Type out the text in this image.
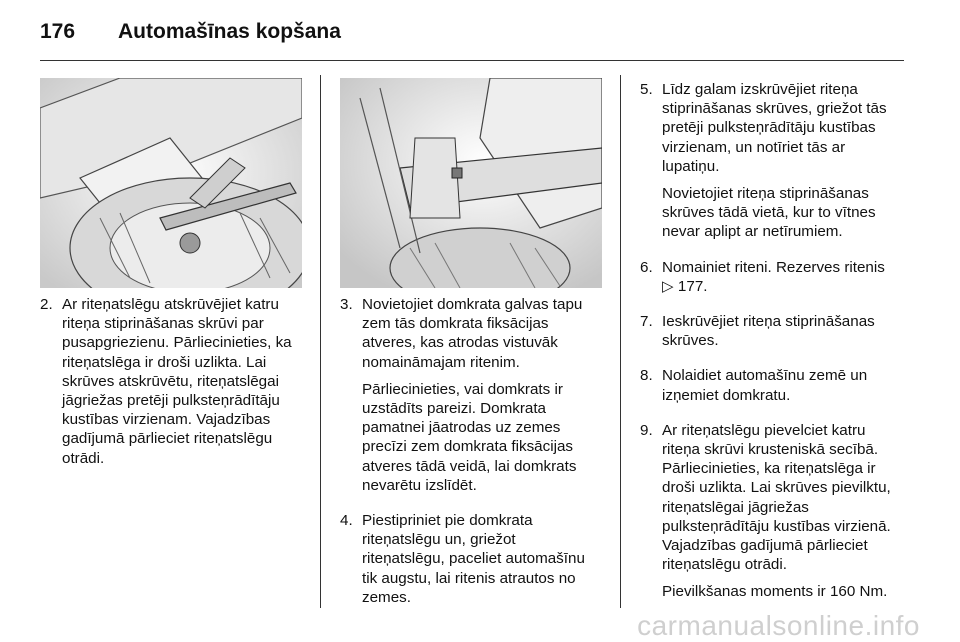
176	Automašīnas kopšana
2. Ar riteņatslēgu atskrūvējiet katru riteņa stiprināšanas skrūvi par pusapgriezienu. Pārliecinieties, ka riteņatslēga ir droši uzlikta. Lai skrūves atskrūvētu, riteņatslēgai jāgriežas pretēji pulksteņrādītāju kustības virzienam. Vajadzības gadījumā pārlieciet riteņatslēgu otrādi.

3. Novietojiet domkrata galvas tapu zem tās domkrata fiksācijas atveres, kas atrodas vistuvāk nomaināmajam ritenim.

Pārliecinieties, vai domkrats ir uzstādīts pareizi. Domkrata pamatnei jāatrodas uz zemes precīzi zem domkrata fiksācijas atveres tādā veidā, lai domkrats nevarētu izslīdēt.

4. Piestipriniet pie domkrata riteņatslēgu un, griežot riteņatslēgu, paceliet automašīnu tik augstu, lai ritenis atrautos no zemes.

5. Līdz galam izskrūvējiet riteņa stiprināšanas skrūves, griežot tās pretēji pulksteņrādītāju kustības virzienam, un notīriet tās ar lupatiņu.

Novietojiet riteņa stiprināšanas skrūves tādā vietā, kur to vītnes nevar aplipt ar netīrumiem.

6. Nomainiet riteni. Rezerves ritenis
▷ 177.

7. Ieskrūvējiet riteņa stiprināšanas skrūves.

8. Nolaidiet automašīnu zemē un izņemiet domkratu.

9. Ar riteņatslēgu pievelciet katru riteņa skrūvi krusteniskā secībā. Pārliecinieties, ka riteņatslēga ir droši uzlikta. Lai skrūves pievilktu, riteņatslēgai jāgriežas pulksteņrādītāju kustības virzienā. Vajadzības gadījumā pārlieciet riteņatslēgu otrādi.

Pievilkšanas moments ir 160 Nm.

carmanualsonline.info
